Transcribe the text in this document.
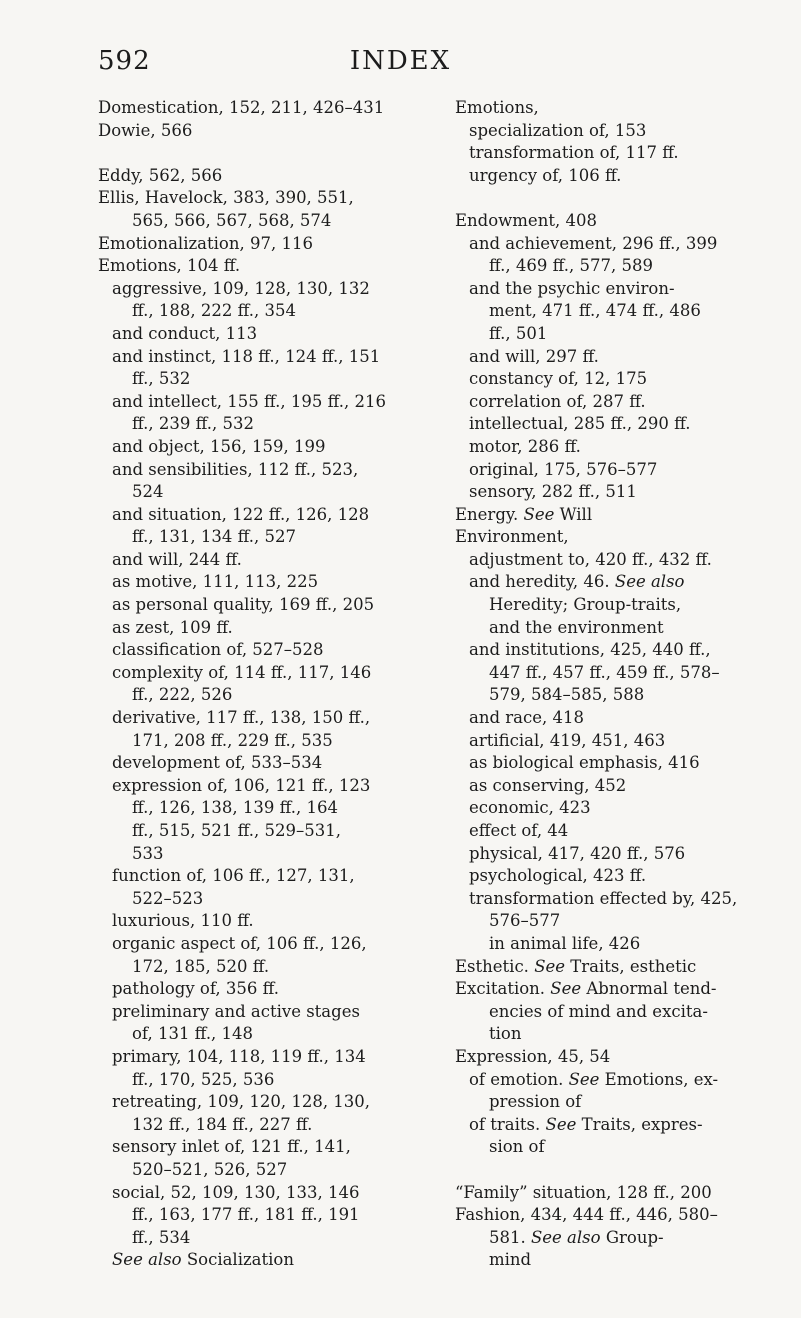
592	INDEX
Domestication, 152, 211, 426–431
Dowie, 566
Eddy, 562, 566
Ellis, Havelock, 383, 390, 551,
565, 566, 567, 568, 574
Emotionalization, 97, 116
Emotions, 104 ff.
aggressive, 109, 128, 130, 132
ff., 188, 222 ff., 354
and conduct, 113
and instinct, 118 ff., 124 ff., 151
ff., 532
and intellect, 155 ff., 195 ff., 216
ff., 239 ff., 532
and object, 156, 159, 199
and sensibilities, 112 ff., 523,
524
and situation, 122 ff., 126, 128
ff., 131, 134 ff., 527
and will, 244 ff.
as motive, 111, 113, 225
as personal quality, 169 ff., 205
as zest, 109 ff.
classification of, 527–528
complexity of, 114 ff., 117, 146
ff., 222, 526
derivative, 117 ff., 138, 150 ff.,
171, 208 ff., 229 ff., 535
development of, 533–534
expression of, 106, 121 ff., 123
ff., 126, 138, 139 ff., 164
ff., 515, 521 ff., 529–531,
533
function of, 106 ff., 127, 131,
522–523
luxurious, 110 ff.
organic aspect of, 106 ff., 126,
172, 185, 520 ff.
pathology of, 356 ff.
preliminary and active stages
of, 131 ff., 148
primary, 104, 118, 119 ff., 134
ff., 170, 525, 536
retreating, 109, 120, 128, 130,
132 ff., 184 ff., 227 ff.
sensory inlet of, 121 ff., 141,
520–521, 526, 527
social, 52, 109, 130, 133, 146
ff., 163, 177 ff., 181 ff., 191
ff., 534
See also Socialization
Emotions,
specialization of, 153
transformation of, 117 ff.
urgency of, 106 ff.
Endowment, 408
and achievement, 296 ff., 399
ff., 469 ff., 577, 589
and the psychic environ-
ment, 471 ff., 474 ff., 486
ff., 501
and will, 297 ff.
constancy of, 12, 175
correlation of, 287 ff.
intellectual, 285 ff., 290 ff.
motor, 286 ff.
original, 175, 576–577
sensory, 282 ff., 511
Energy. See Will
Environment,
adjustment to, 420 ff., 432 ff.
and heredity, 46. See also
Heredity; Group-traits,
and the environment
and institutions, 425, 440 ff.,
447 ff., 457 ff., 459 ff., 578–
579, 584–585, 588
and race, 418
artificial, 419, 451, 463
as biological emphasis, 416
as conserving, 452
economic, 423
effect of, 44
physical, 417, 420 ff., 576
psychological, 423 ff.
transformation effected by, 425,
576–577
in animal life, 426
Esthetic. See Traits, esthetic
Excitation. See Abnormal tend-
encies of mind and excita-
tion
Expression, 45, 54
of emotion. See Emotions, ex-
pression of
of traits. See Traits, expres-
sion of
“Family” situation, 128 ff., 200
Fashion, 434, 444 ff., 446, 580–
581. See also Group-
mind
